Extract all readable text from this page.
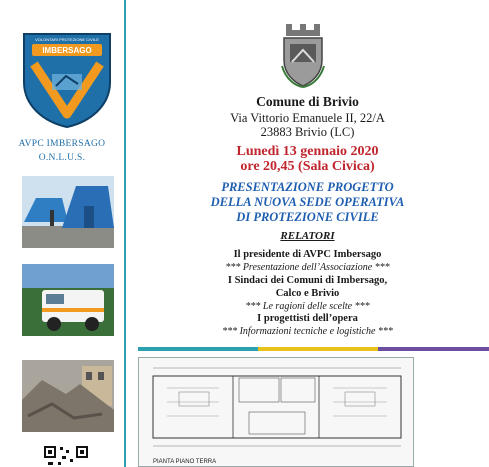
IMBERSAGO
VOLONTARI PROTEZIONE CIVILE
AVPC IMBERSAGO
O.N.L.U.S.
Comune di Brivio
Via Vittorio Emanuele II, 22/A
23883 Brivio (LC)
Lunedì 13 gennaio 2020
ore 20,45 (Sala Civica)
PRESENTAZIONE PROGETTO
DELLA NUOVA SEDE OPERATIVA
DI PROTEZIONE CIVILE
RELATORI
Il presidente di AVPC Imbersago
*** Presentazione dell’Associazione ***
I Sindaci dei Comuni di Imbersago,
Calco e Brivio
*** Le ragioni delle scelte ***
I progettisti dell’opera
*** Informazioni tecniche e logistiche ***
PIANTA PIANO TERRA
